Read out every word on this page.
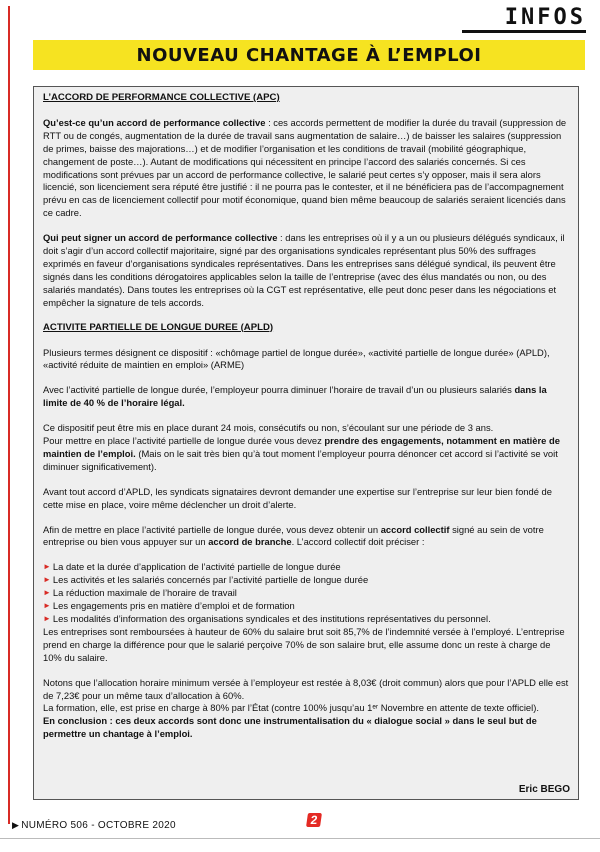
INFOS
NOUVEAU CHANTAGE À L’EMPLOI

L’ACCORD DE PERFORMANCE COLLECTIVE (APC)

Qu’est-ce qu’un accord de performance collective : ces accords permettent de modifier la durée du travail (suppression de RTT ou de congés, augmentation de la durée de travail sans augmentation de salaire…) de baisser les salaires (suppression de primes, baisse des majorations…) et de modifier l’organisation et les conditions de travail (mobilité géographique, changement de poste…). Autant de modifications qui nécessitent en principe l’accord des salariés concernés. Si ces modifications sont prévues par un accord de performance collective, le salarié peut certes s’y opposer, mais il sera alors licencié, son licenciement sera réputé être justifié : il ne pourra pas le contester, et il ne bénéficiera pas de l’accompagnement prévu en cas de licenciement collectif pour motif économique, quand bien même beaucoup de salariés seraient licenciés dans ce cadre.

Qui peut signer un accord de performance collective : dans les entreprises où il y a un ou plusieurs délégués syndicaux, il doit s’agir d’un accord collectif majoritaire, signé par des organisations syndicales représentant plus 50% des suffrages exprimés en faveur d’organisations syndicales représentatives. Dans les entreprises sans délégué syndical, ils peuvent être signés dans les conditions dérogatoires applicables selon la taille de l’entreprise (avec des élus mandatés ou non, ou des salariés mandatés). Dans toutes les entreprises où la CGT est représentative, elle peut donc peser dans les négociations et empêcher la signature de tels accords.

ACTIVITE PARTIELLE DE LONGUE DUREE (APLD)

Plusieurs termes désignent ce dispositif : «chômage partiel de longue durée», «activité partielle de longue durée» (APLD), «activité réduite de maintien en emploi» (ARME)

Avec l’activité partielle de longue durée, l’employeur pourra diminuer l’horaire de travail d’un ou plusieurs salariés dans la limite de 40 % de l’horaire légal.

Ce dispositif peut être mis en place durant 24 mois, consécutifs ou non, s’écoulant sur une période de 3 ans.

Pour mettre en place l’activité partielle de longue durée vous devez prendre des engagements, notamment en matière de maintien de l’emploi. (Mais on le sait très bien qu’à tout moment l’employeur pourra dénoncer cet accord si l’activité se voit diminuer significativement).

Avant tout accord d’APLD, les syndicats signataires devront demander une expertise sur l’entreprise sur leur bien fondé de cette mise en place, voire même déclencher un droit d’alerte.

Afin de mettre en place l’activité partielle de longue durée, vous devez obtenir un accord collectif signé au sein de votre entreprise ou bien vous appuyer sur un accord de branche. L’accord collectif doit préciser :

► La date et la durée d’application de l’activité partielle de longue durée
► Les activités et les salariés concernés par l’activité partielle de longue durée
► La réduction maximale de l’horaire de travail
► Les engagements pris en matière d’emploi et de formation
► Les modalités d’information des organisations syndicales et des institutions représentatives du personnel.

Les entreprises sont remboursées à hauteur de 60% du salaire brut soit 85,7% de l’indemnité versée à l’employé. L’entreprise prend en charge la différence pour que le salarié perçoive 70% de son salaire brut, elle assume donc un reste à charge de 10% du salaire.

Notons que l’allocation horaire minimum versée à l’employeur est restée à 8,03€ (droit commun) alors que pour l’APLD elle est de 7,23€ pour un même taux d’allocation à 60%.

La formation, elle, est prise en charge à 80% par l’État (contre 100% jusqu’au 1ᵉʳ Novembre en attente de texte officiel).

En conclusion : ces deux accords sont donc une instrumentalisation du « dialogue social » dans le seul but de permettre un chantage à l’emploi.

Eric BEGO
▶ NUMÉRO 506 - OCTOBRE 2020	2
